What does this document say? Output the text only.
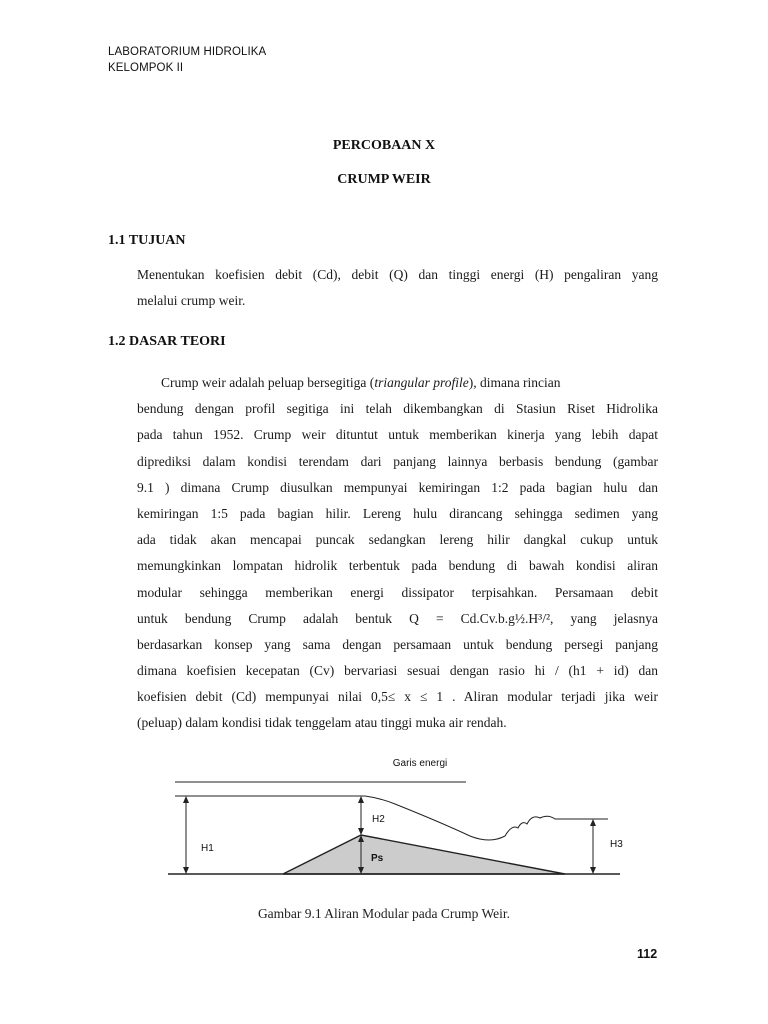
LABORATORIUM HIDROLIKA
KELOMPOK II
PERCOBAAN X
CRUMP WEIR
1.1 TUJUAN
Menentukan koefisien debit (Cd), debit (Q) dan tinggi energi (H) pengaliran yang
melalui crump weir.
1.2 DASAR TEORI
Crump weir adalah peluap bersegitiga (triangular profile), dimana rincian
bendung dengan profil segitiga ini telah dikembangkan di Stasiun Riset Hidrolika
pada tahun 1952. Crump weir dituntut untuk memberikan kinerja yang lebih dapat
diprediksi dalam kondisi terendam dari panjang lainnya berbasis bendung (gambar
9.1 ) dimana Crump diusulkan mempunyai kemiringan 1:2 pada bagian hulu dan
kemiringan 1:5 pada bagian hilir. Lereng hulu dirancang sehingga sedimen yang
ada tidak akan mencapai puncak sedangkan lereng hilir dangkal cukup untuk
memungkinkan lompatan hidrolik terbentuk pada bendung di bawah kondisi aliran
modular sehingga memberikan energi dissipator terpisahkan. Persamaan debit
untuk bendung Crump adalah bentuk Q = Cd.Cv.b.g½.H³/², yang jelasnya
berdasarkan konsep yang sama dengan persamaan untuk bendung persegi panjang
dimana koefisien kecepatan (Cv) bervariasi sesuai dengan rasio hi / (h1 + id) dan
koefisien debit (Cd) mempunyai nilai 0,5≤ x ≤ 1 . Aliran modular terjadi jika weir
(peluap) dalam kondisi tidak tenggelam atau tinggi muka air rendah.
Garis energi
H1
H2
Ps
H3
Gambar 9.1 Aliran Modular pada Crump Weir.
112
